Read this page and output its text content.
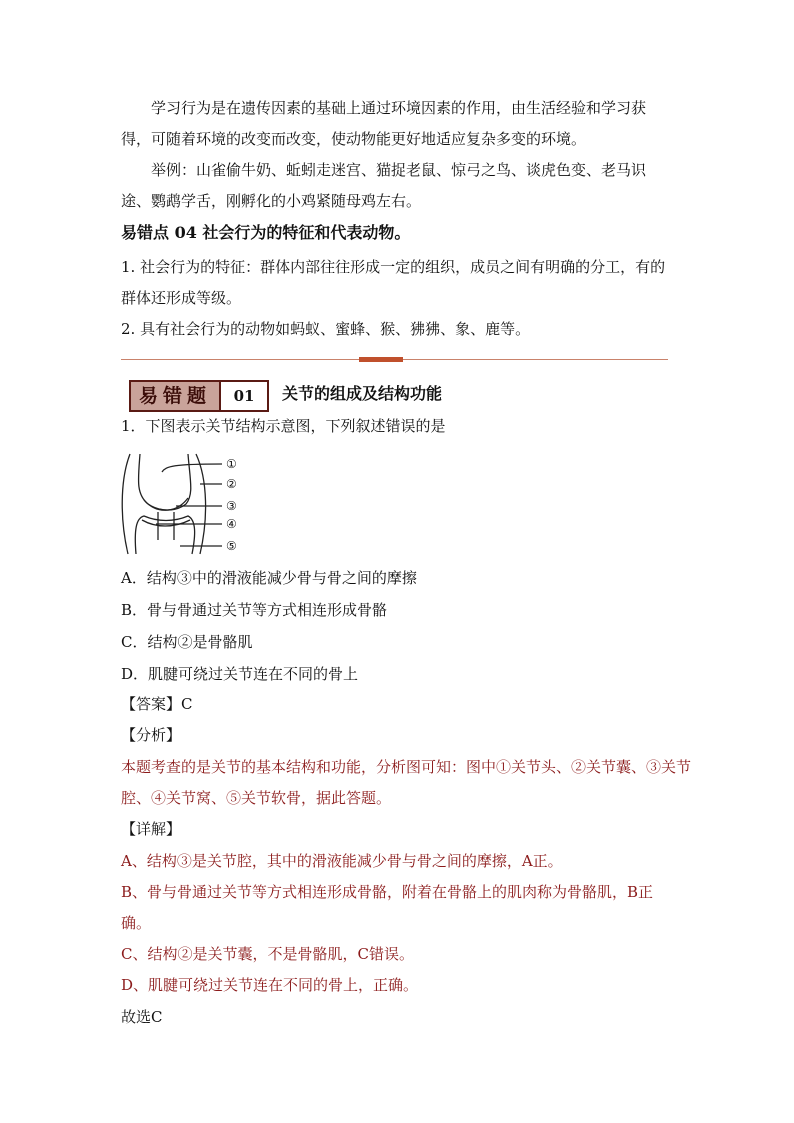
学习行为是在遗传因素的基础上通过环境因素的作用，由生活经验和学习获得，可随着环境的改变而改变，使动物能更好地适应复杂多变的环境。
举例：山雀偷牛奶、蚯蚓走迷宫、猫捉老鼠、惊弓之鸟、谈虎色变、老马识途、鹦鹉学舌，刚孵化的小鸡紧随母鸡左右。
易错点 04 社会行为的特征和代表动物。
1. 社会行为的特征：群体内部往往形成一定的组织，成员之间有明确的分工，有的群体还形成等级。
2. 具有社会行为的动物如蚂蚁、蜜蜂、猴、狒狒、象、鹿等。
易错题	01	关节的组成及结构功能
1．下图表示关节结构示意图，下列叙述错误的是
①
②
③
④
⑤
A．结构③中的滑液能减少骨与骨之间的摩擦
B．骨与骨通过关节等方式相连形成骨骼
C．结构②是骨骼肌
D．肌腱可绕过关节连在不同的骨上
【答案】C
【分析】
本题考查的是关节的基本结构和功能，分析图可知：图中①关节头、②关节囊、③关节腔、④关节窝、⑤关节软骨，据此答题。
【详解】
A、结构③是关节腔，其中的滑液能减少骨与骨之间的摩擦，A正。
B、骨与骨通过关节等方式相连形成骨骼，附着在骨骼上的肌肉称为骨骼肌，B正确。
C、结构②是关节囊，不是骨骼肌，C错误。
D、肌腱可绕过关节连在不同的骨上，正确。
故选C
